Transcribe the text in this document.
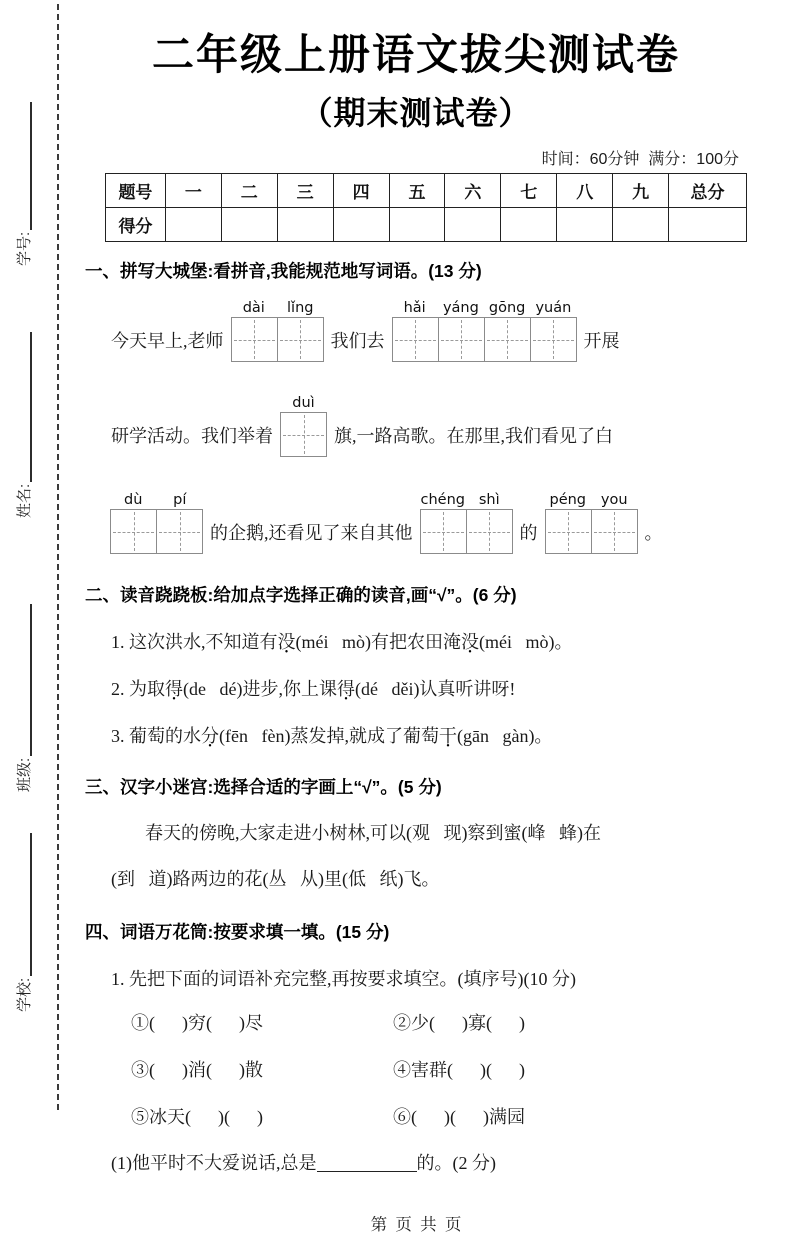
学号:
姓名:
班级:
学校:
二年级上册语文拔尖测试卷
（期末测试卷）
时间：60分钟  满分：100分
题号	一	二	三	四	五	六	七	八	九	总分
得分										
一、拼写大城堡:看拼音,我能规范地写词语。(13 分)
今天早上,老师
dài	lǐng
我们去
hǎi	yáng gōng yuán
开展
研学活动。我们举着
duì
旗,一路高歌。在那里,我们看见了白
dù	pí
的企鹅,还看见了来自其他
chéng shì
的
péng	you
。
二、读音跷跷板:给加点字选择正确的读音,画“√”。(6 分)
1. 这次洪水,不知道有没(méi   mò)有把农田淹没(méi   mò)。
2. 为取得(de   dé)进步,你上课得(dé   děi)认真听讲呀!
3. 葡萄的水分(fēn   fèn)蒸发掉,就成了葡萄干(gān   gàn)。
三、汉字小迷宫:选择合适的字画上“√”。(5 分)
春天的傍晚,大家走进小树林,可以(观   现)察到蜜(峰   蜂)在
(到   道)路两边的花(丛   从)里(低   纸)飞。
四、词语万花筒:按要求填一填。(15 分)
1. 先把下面的词语补充完整,再按要求填空。(填序号)(10 分)
①(      )穷(      )尽	②少(      )寡(      )
③(      )消(      )散	④害群(      )(      )
⑤冰天(      )(      )	⑥(      )(      )满园
(1)他平时不大爱说话,总是	的。(2 分)
第  页  共  页
